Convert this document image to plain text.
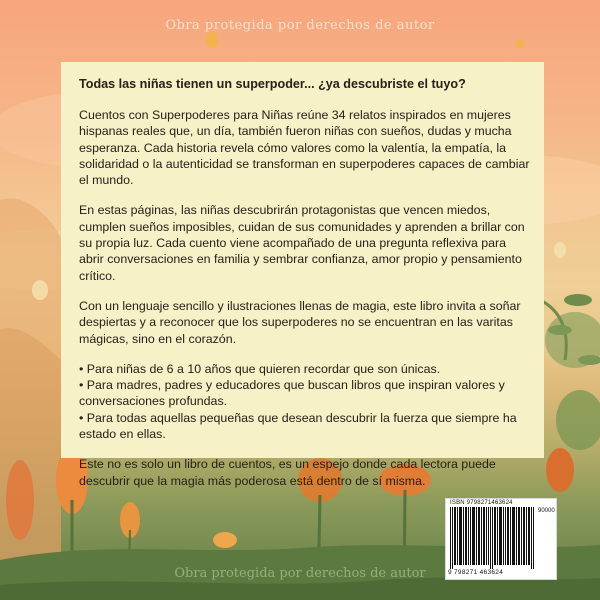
Obra protegida por derechos de autor
Todas las niñas tienen un superpoder... ¿ya descubriste el tuyo?

Cuentos con Superpoderes para Niñas reúne 34 relatos inspirados en mujeres hispanas reales que, un día, también fueron niñas con sueños, dudas y mucha esperanza. Cada historia revela cómo valores como la valentía, la empatía, la solidaridad o la autenticidad se transforman en superpoderes capaces de cambiar el mundo.

En estas páginas, las niñas descubrirán protagonistas que vencen miedos, cumplen sueños imposibles, cuidan de sus comunidades y aprenden a brillar con su propia luz. Cada cuento viene acompañado de una pregunta reflexiva para abrir conversaciones en familia y sembrar confianza, amor propio y pensamiento crítico.

Con un lenguaje sencillo y ilustraciones llenas de magia, este libro invita a soñar despiertas y a reconocer que los superpoderes no se encuentran en las varitas mágicas, sino en el corazón.

• Para niñas de 6 a 10 años que quieren recordar que son únicas.
• Para madres, padres y educadores que buscan libros que inspiran valores y conversaciones profundas.
• Para todas aquellas pequeñas que desean descubrir la fuerza que siempre ha estado en ellas.

Este no es solo un libro de cuentos, es un espejo donde cada lectora puede descubrir que la magia más poderosa está dentro de sí misma.

ISBN 9798271463624
90000
9 798271 463624
Obra protegida por derechos de autor
